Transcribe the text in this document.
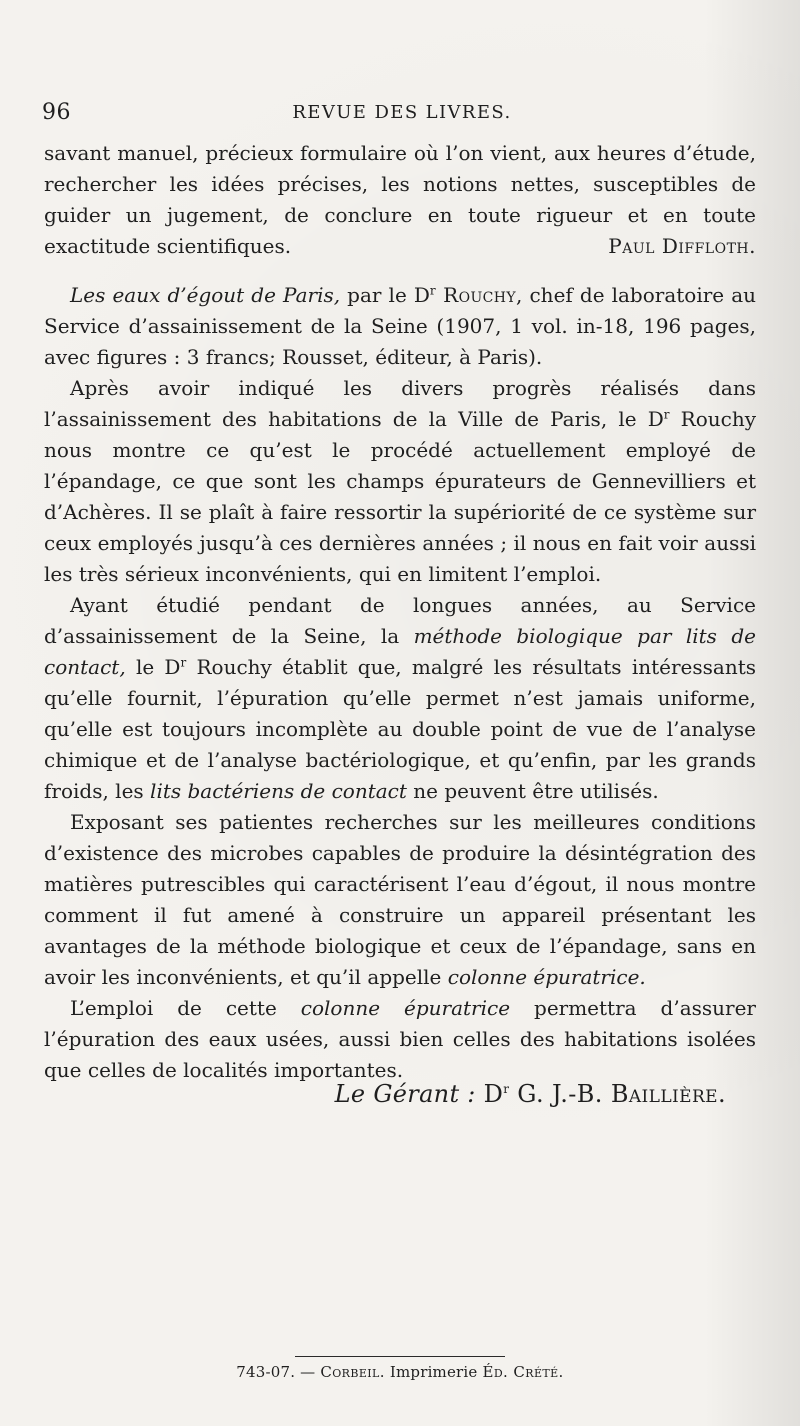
96	REVUE DES LIVRES.

savant manuel, précieux formulaire où l’on vient, aux heures d’étude, rechercher les idées précises, les notions nettes, susceptibles de guider un jugement, de conclure en toute rigueur et en toute exactitude scientifiques.	Paul Diffloth.

Les eaux d’égout de Paris, par le $D^r$ Rouchy, chef de laboratoire au Service d’assainissement de la Seine (1907, 1 vol. in-18, 196 pages, avec figures : 3 francs; Rousset, éditeur, à Paris).

Après avoir indiqué les divers progrès réalisés dans l’assainissement des habitations de la Ville de Paris, le $D^r$ Rouchy nous montre ce qu’est le procédé actuellement employé de l’épandage, ce que sont les champs épurateurs de Gennevilliers et d’Achères. Il se plaît à faire ressortir la supériorité de ce système sur ceux employés jusqu’à ces dernières années ; il nous en fait voir aussi les très sérieux inconvénients, qui en limitent l’emploi.

Ayant étudié pendant de longues années, au Service d’assainissement de la Seine, la méthode biologique par lits de contact, le $D^r$ Rouchy établit que, malgré les résultats intéressants qu’elle fournit, l’épuration qu’elle permet n’est jamais uniforme, qu’elle est toujours incomplète au double point de vue de l’analyse chimique et de l’analyse bactériologique, et qu’enfin, par les grands froids, les lits bactériens de contact ne peuvent être utilisés.

Exposant ses patientes recherches sur les meilleures conditions d’existence des microbes capables de produire la désintégration des matières putrescibles qui caractérisent l’eau d’égout, il nous montre comment il fut amené à construire un appareil présentant les avantages de la méthode biologique et ceux de l’épandage, sans en avoir les inconvénients, et qu’il appelle colonne épuratrice.

L’emploi de cette colonne épuratrice permettra d’assurer l’épuration des eaux usées, aussi bien celles des habitations isolées que celles de localités importantes.

Le Gérant : $D^r$ G. J.-B. Baillière.
743-07. — Corbeil. Imprimerie Éd. Crété.
